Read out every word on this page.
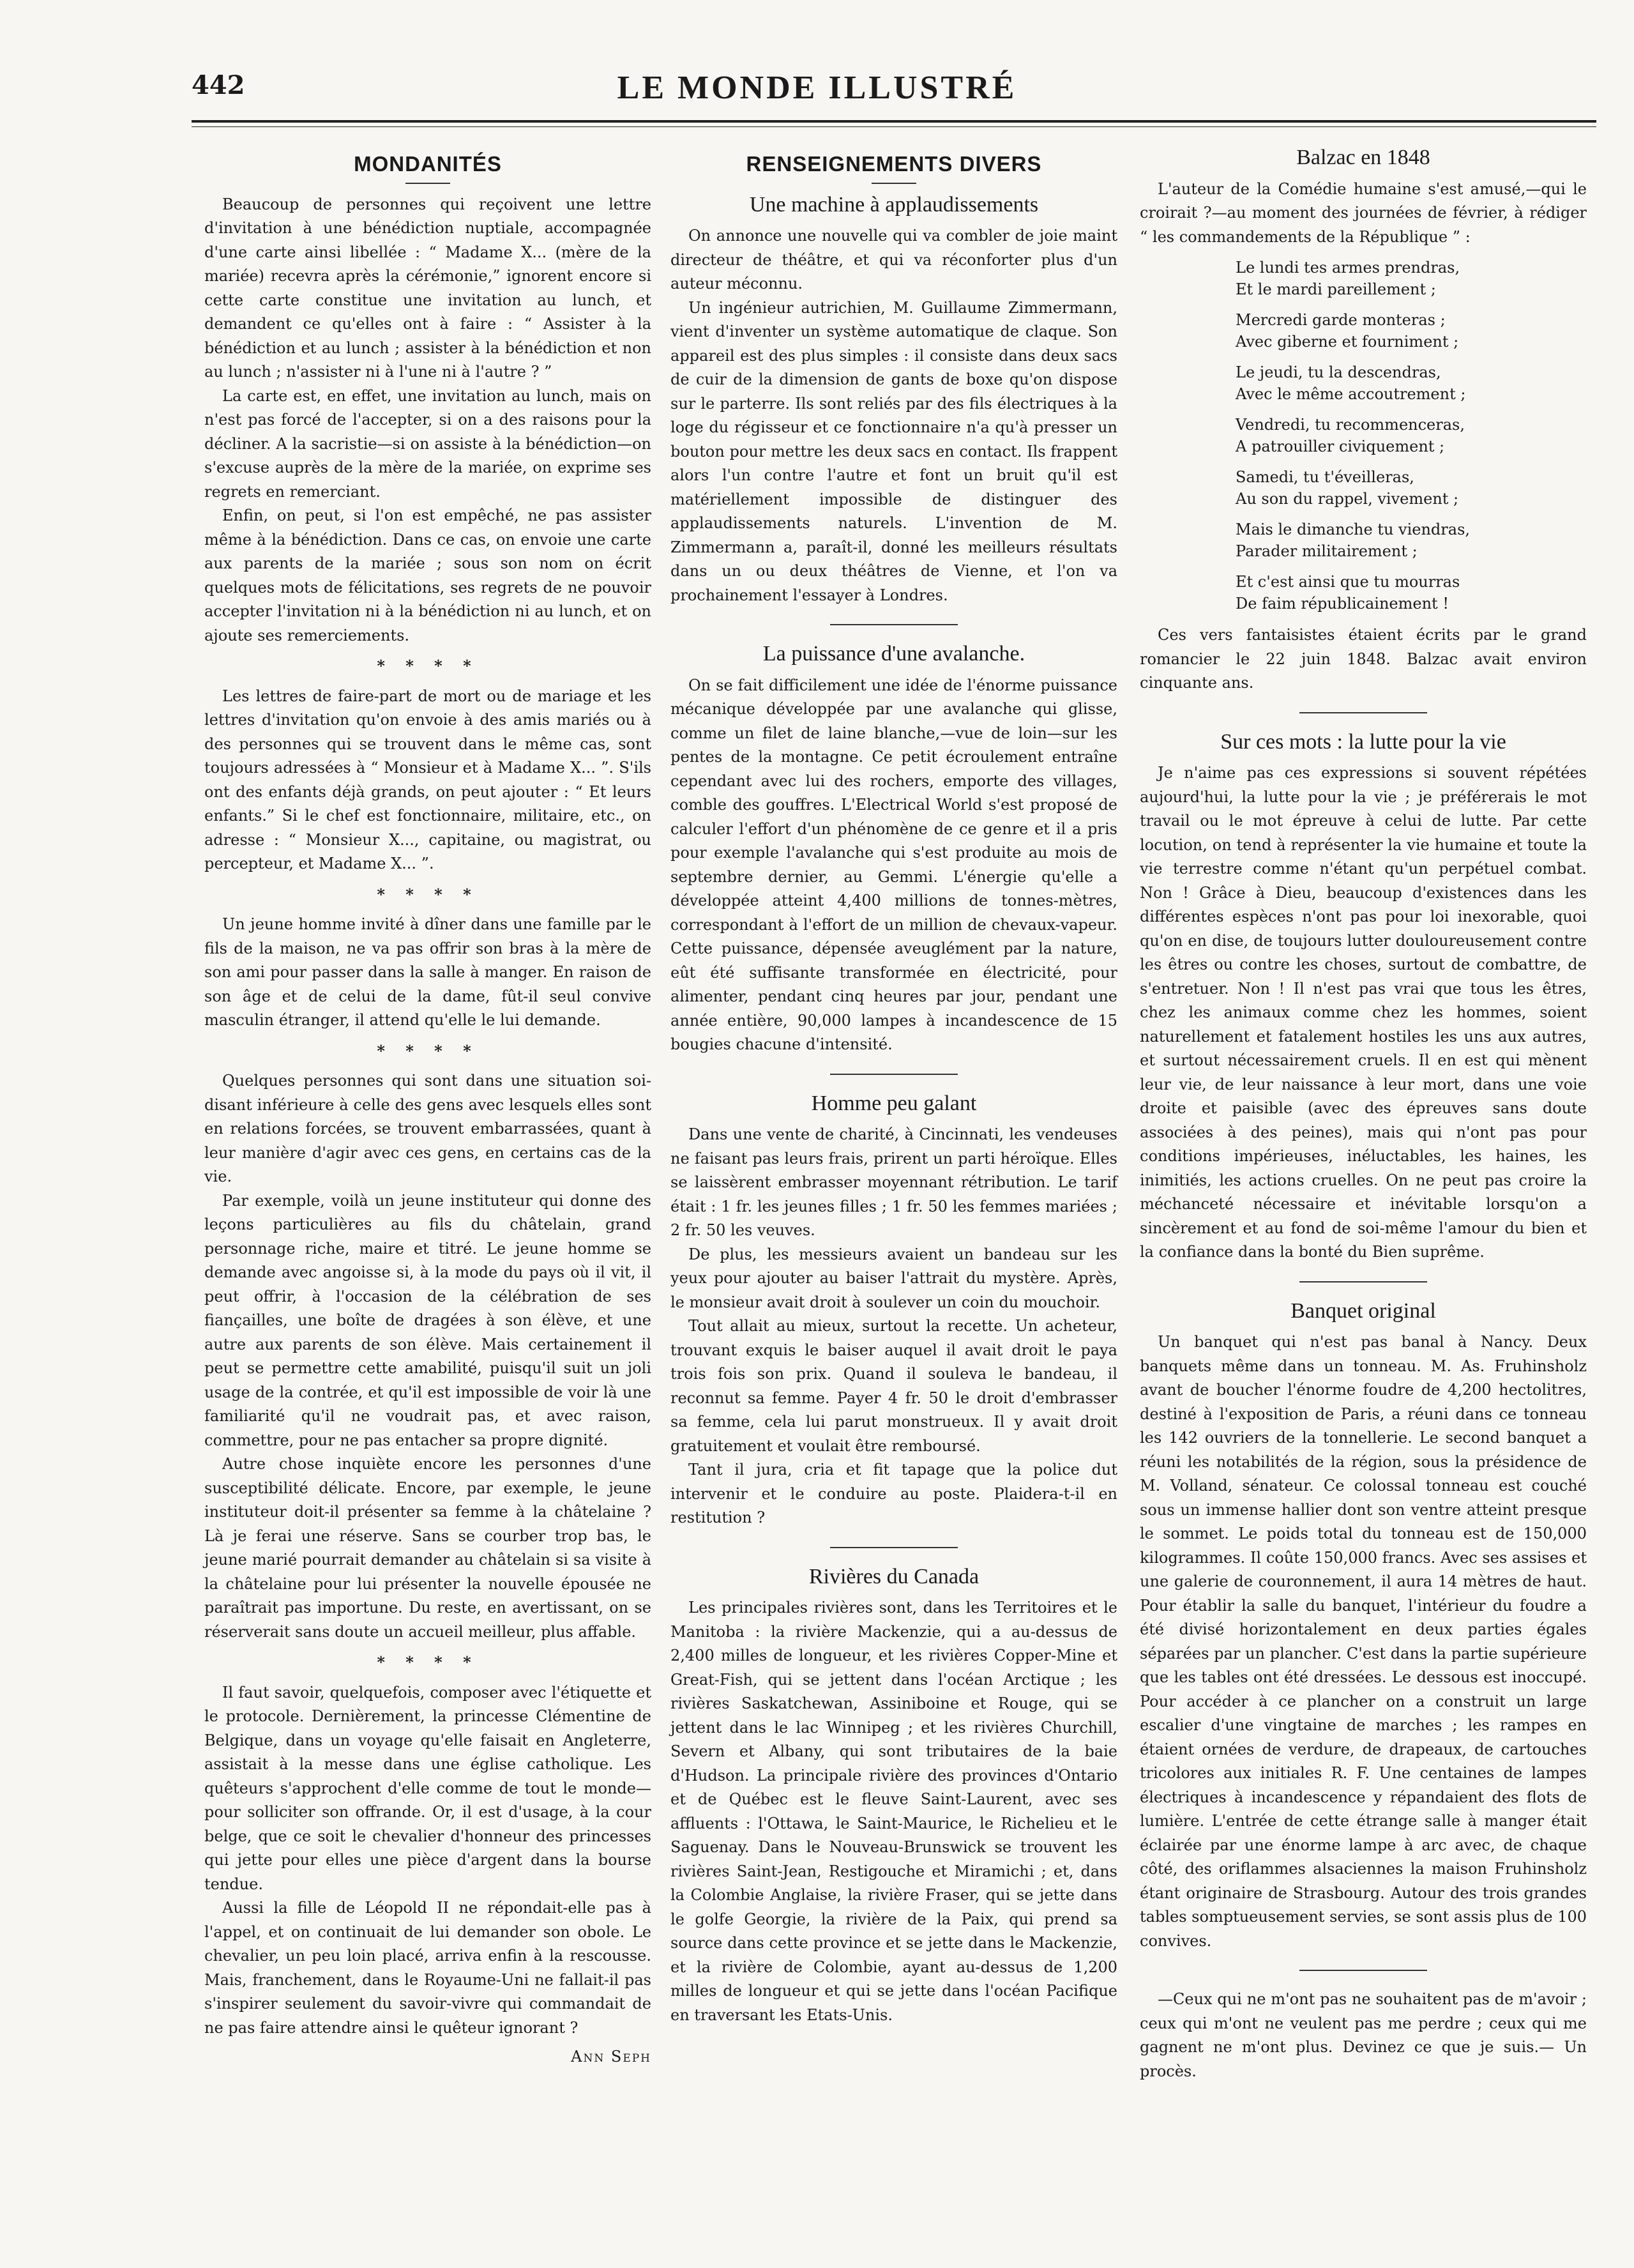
442	LE MONDE ILLUSTRÉ
MONDANITÉS

Beaucoup de personnes qui reçoivent une lettre d'invitation à une bénédiction nuptiale, accompagnée d'une carte ainsi libellée : “ Madame X... (mère de la mariée) recevra après la cérémonie,” ignorent encore si cette carte constitue une invitation au lunch, et demandent ce qu'elles ont à faire : “ Assister à la bénédiction et au lunch ; assister à la bénédiction et non au lunch ; n'assister ni à l'une ni à l'autre ? ”

La carte est, en effet, une invitation au lunch, mais on n'est pas forcé de l'accepter, si on a des raisons pour la décliner. A la sacristie—si on assiste à la bénédiction—on s'excuse auprès de la mère de la mariée, on exprime ses regrets en remerciant.

Enfin, on peut, si l'on est empêché, ne pas assister même à la bénédiction. Dans ce cas, on envoie une carte aux parents de la mariée ; sous son nom on écrit quelques mots de félicitations, ses regrets de ne pouvoir accepter l'invitation ni à la bénédiction ni au lunch, et on ajoute ses remerciements.

* * * *

Les lettres de faire-part de mort ou de mariage et les lettres d'invitation qu'on envoie à des amis mariés ou à des personnes qui se trouvent dans le même cas, sont toujours adressées à “ Monsieur et à Madame X... ”. S'ils ont des enfants déjà grands, on peut ajouter : “ Et leurs enfants.” Si le chef est fonctionnaire, militaire, etc., on adresse : “ Monsieur X..., capitaine, ou magistrat, ou percepteur, et Madame X... ”.

* * * *

Un jeune homme invité à dîner dans une famille par le fils de la maison, ne va pas offrir son bras à la mère de son ami pour passer dans la salle à manger. En raison de son âge et de celui de la dame, fût-il seul convive masculin étranger, il attend qu'elle le lui demande.

* * * *

Quelques personnes qui sont dans une situation soi-disant inférieure à celle des gens avec lesquels elles sont en relations forcées, se trouvent embarrassées, quant à leur manière d'agir avec ces gens, en certains cas de la vie.

Par exemple, voilà un jeune instituteur qui donne des leçons particulières au fils du châtelain, grand personnage riche, maire et titré. Le jeune homme se demande avec angoisse si, à la mode du pays où il vit, il peut offrir, à l'occasion de la célébration de ses fiançailles, une boîte de dragées à son élève, et une autre aux parents de son élève. Mais certainement il peut se permettre cette amabilité, puisqu'il suit un joli usage de la contrée, et qu'il est impossible de voir là une familiarité qu'il ne voudrait pas, et avec raison, commettre, pour ne pas entacher sa propre dignité.

Autre chose inquiète encore les personnes d'une susceptibilité délicate. Encore, par exemple, le jeune instituteur doit-il présenter sa femme à la châtelaine ? Là je ferai une réserve. Sans se courber trop bas, le jeune marié pourrait demander au châtelain si sa visite à la châtelaine pour lui présenter la nouvelle épousée ne paraîtrait pas importune. Du reste, en avertissant, on se réserverait sans doute un accueil meilleur, plus affable.

* * * *

Il faut savoir, quelquefois, composer avec l'étiquette et le protocole. Dernièrement, la princesse Clémentine de Belgique, dans un voyage qu'elle faisait en Angleterre, assistait à la messe dans une église catholique. Les quêteurs s'approchent d'elle comme de tout le monde—pour solliciter son offrande. Or, il est d'usage, à la cour belge, que ce soit le chevalier d'honneur des princesses qui jette pour elles une pièce d'argent dans la bourse tendue.

Aussi la fille de Léopold II ne répondait-elle pas à l'appel, et on continuait de lui demander son obole. Le chevalier, un peu loin placé, arriva enfin à la rescousse. Mais, franchement, dans le Royaume-Uni ne fallait-il pas s'inspirer seulement du savoir-vivre qui commandait de ne pas faire attendre ainsi le quêteur ignorant ?

Ann Seph
RENSEIGNEMENTS DIVERS
Une machine à applaudissements

On annonce une nouvelle qui va combler de joie maint directeur de théâtre, et qui va réconforter plus d'un auteur méconnu.

Un ingénieur autrichien, M. Guillaume Zimmermann, vient d'inventer un système automatique de claque. Son appareil est des plus simples : il consiste dans deux sacs de cuir de la dimension de gants de boxe qu'on dispose sur le parterre. Ils sont reliés par des fils électriques à la loge du régisseur et ce fonctionnaire n'a qu'à presser un bouton pour mettre les deux sacs en contact. Ils frappent alors l'un contre l'autre et font un bruit qu'il est matériellement impossible de distinguer des applaudissements naturels. L'invention de M. Zimmermann a, paraît-il, donné les meilleurs résultats dans un ou deux théâtres de Vienne, et l'on va prochainement l'essayer à Londres.

La puissance d'une avalanche.

On se fait difficilement une idée de l'énorme puissance mécanique développée par une avalanche qui glisse, comme un filet de laine blanche,—vue de loin—sur les pentes de la montagne. Ce petit écroulement entraîne cependant avec lui des rochers, emporte des villages, comble des gouffres. L'Electrical World s'est proposé de calculer l'effort d'un phénomène de ce genre et il a pris pour exemple l'avalanche qui s'est produite au mois de septembre dernier, au Gemmi. L'énergie qu'elle a développée atteint 4,400 millions de tonnes-mètres, correspondant à l'effort de un million de chevaux-vapeur. Cette puissance, dépensée aveuglément par la nature, eût été suffisante transformée en électricité, pour alimenter, pendant cinq heures par jour, pendant une année entière, 90,000 lampes à incandescence de 15 bougies chacune d'intensité.

Homme peu galant

Dans une vente de charité, à Cincinnati, les vendeuses ne faisant pas leurs frais, prirent un parti héroïque. Elles se laissèrent embrasser moyennant rétribution. Le tarif était : 1 fr. les jeunes filles ; 1 fr. 50 les femmes mariées ; 2 fr. 50 les veuves.

De plus, les messieurs avaient un bandeau sur les yeux pour ajouter au baiser l'attrait du mystère. Après, le monsieur avait droit à soulever un coin du mouchoir.

Tout allait au mieux, surtout la recette. Un acheteur, trouvant exquis le baiser auquel il avait droit le paya trois fois son prix. Quand il souleva le bandeau, il reconnut sa femme. Payer 4 fr. 50 le droit d'embrasser sa femme, cela lui parut monstrueux. Il y avait droit gratuitement et voulait être remboursé.

Tant il jura, cria et fit tapage que la police dut intervenir et le conduire au poste. Plaidera-t-il en restitution ?

Rivières du Canada

Les principales rivières sont, dans les Territoires et le Manitoba : la rivière Mackenzie, qui a au-dessus de 2,400 milles de longueur, et les rivières Copper-Mine et Great-Fish, qui se jettent dans l'océan Arctique ; les rivières Saskatchewan, Assiniboine et Rouge, qui se jettent dans le lac Winnipeg ; et les rivières Churchill, Severn et Albany, qui sont tributaires de la baie d'Hudson. La principale rivière des provinces d'Ontario et de Québec est le fleuve Saint-Laurent, avec ses affluents : l'Ottawa, le Saint-Maurice, le Richelieu et le Saguenay. Dans le Nouveau-Brunswick se trouvent les rivières Saint-Jean, Restigouche et Miramichi ; et, dans la Colombie Anglaise, la rivière Fraser, qui se jette dans le golfe Georgie, la rivière de la Paix, qui prend sa source dans cette province et se jette dans le Mackenzie, et la rivière de Colombie, ayant au-dessus de 1,200 milles de longueur et qui se jette dans l'océan Pacifique en traversant les Etats-Unis.

Balzac en 1848

L'auteur de la Comédie humaine s'est amusé,—qui le croirait ?—au moment des journées de février, à rédiger “ les commandements de la République ” :

Le lundi tes armes prendras,
Et le mardi pareillement ;
Mercredi garde monteras ;
Avec giberne et fourniment ;
Le jeudi, tu la descendras,
Avec le même accoutrement ;
Vendredi, tu recommenceras,
A patrouiller civiquement ;
Samedi, tu t'éveilleras,
Au son du rappel, vivement ;
Mais le dimanche tu viendras,
Parader militairement ;
Et c'est ainsi que tu mourras
De faim républicainement !

Ces vers fantaisistes étaient écrits par le grand romancier le 22 juin 1848. Balzac avait environ cinquante ans.

Sur ces mots : la lutte pour la vie

Je n'aime pas ces expressions si souvent répétées aujourd'hui, la lutte pour la vie ; je préférerais le mot travail ou le mot épreuve à celui de lutte. Par cette locution, on tend à représenter la vie humaine et toute la vie terrestre comme n'étant qu'un perpétuel combat. Non ! Grâce à Dieu, beaucoup d'existences dans les différentes espèces n'ont pas pour loi inexorable, quoi qu'on en dise, de toujours lutter douloureusement contre les êtres ou contre les choses, surtout de combattre, de s'entretuer. Non ! Il n'est pas vrai que tous les êtres, chez les animaux comme chez les hommes, soient naturellement et fatalement hostiles les uns aux autres, et surtout nécessairement cruels. Il en est qui mènent leur vie, de leur naissance à leur mort, dans une voie droite et paisible (avec des épreuves sans doute associées à des peines), mais qui n'ont pas pour conditions impérieuses, inéluctables, les haines, les inimitiés, les actions cruelles. On ne peut pas croire la méchanceté nécessaire et inévitable lorsqu'on a sincèrement et au fond de soi-même l'amour du bien et la confiance dans la bonté du Bien suprême.

Banquet original

Un banquet qui n'est pas banal à Nancy. Deux banquets même dans un tonneau. M. As. Fruhinsholz avant de boucher l'énorme foudre de 4,200 hectolitres, destiné à l'exposition de Paris, a réuni dans ce tonneau les 142 ouvriers de la tonnellerie. Le second banquet a réuni les notabilités de la région, sous la présidence de M. Volland, sénateur. Ce colossal tonneau est couché sous un immense hallier dont son ventre atteint presque le sommet. Le poids total du tonneau est de 150,000 kilogrammes. Il coûte 150,000 francs. Avec ses assises et une galerie de couronnement, il aura 14 mètres de haut. Pour établir la salle du banquet, l'intérieur du foudre a été divisé horizontalement en deux parties égales séparées par un plancher. C'est dans la partie supérieure que les tables ont été dressées. Le dessous est inoccupé. Pour accéder à ce plancher on a construit un large escalier d'une vingtaine de marches ; les rampes en étaient ornées de verdure, de drapeaux, de cartouches tricolores aux initiales R. F. Une centaines de lampes électriques à incandescence y répandaient des flots de lumière. L'entrée de cette étrange salle à manger était éclairée par une énorme lampe à arc avec, de chaque côté, des oriflammes alsaciennes la maison Fruhinsholz étant originaire de Strasbourg. Autour des trois grandes tables somptueusement servies, se sont assis plus de 100 convives.

—Ceux qui ne m'ont pas ne souhaitent pas de m'avoir ; ceux qui m'ont ne veulent pas me perdre ; ceux qui me gagnent ne m'ont plus. Devinez ce que je suis.— Un procès.
